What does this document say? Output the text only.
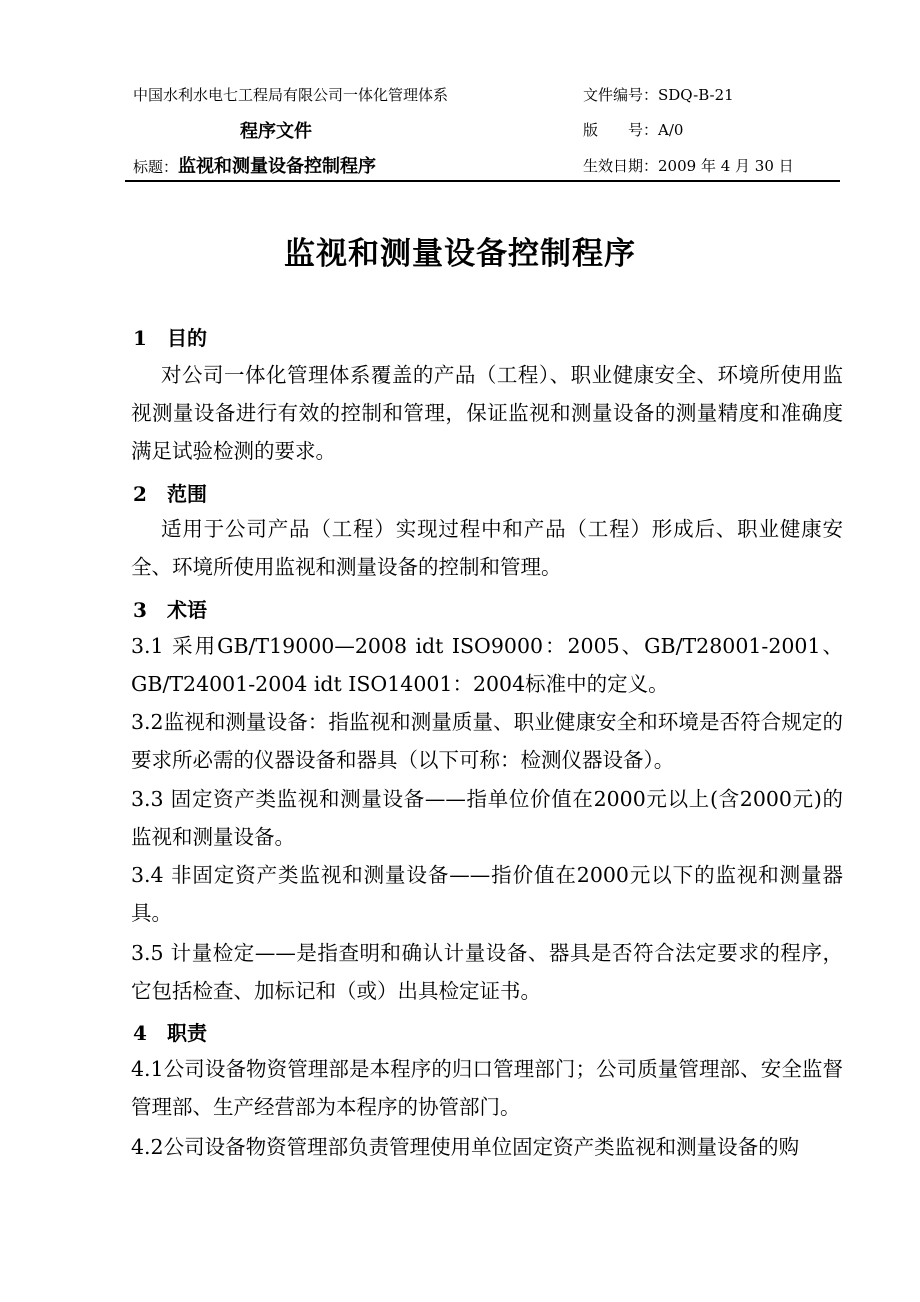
中国水利水电七工程局有限公司一体化管理体系	文件编号：SDQ-B-21
程序文件	版　　号：A/0
标题：监视和测量设备控制程序	生效日期：2009 年 4 月 30 日
监视和测量设备控制程序
1 目的
对公司一体化管理体系覆盖的产品（工程）、职业健康安全、环境所使用监视测量设备进行有效的控制和管理，保证监视和测量设备的测量精度和准确度满足试验检测的要求。
2 范围
适用于公司产品（工程）实现过程中和产品（工程）形成后、职业健康安全、环境所使用监视和测量设备的控制和管理。
3 术语
3.1 采用GB/T19000—2008 idt ISO9000：2005、GB/T28001-2001、GB/T24001-2004 idt ISO14001：2004标准中的定义。
3.2监视和测量设备：指监视和测量质量、职业健康安全和环境是否符合规定的要求所必需的仪器设备和器具（以下可称：检测仪器设备）。
3.3 固定资产类监视和测量设备——指单位价值在2000元以上(含2000元)的监视和测量设备。
3.4 非固定资产类监视和测量设备——指价值在2000元以下的监视和测量器具。
3.5 计量检定——是指查明和确认计量设备、器具是否符合法定要求的程序，它包括检查、加标记和（或）出具检定证书。
4 职责
4.1公司设备物资管理部是本程序的归口管理部门；公司质量管理部、安全监督管理部、生产经营部为本程序的协管部门。
4.2公司设备物资管理部负责管理使用单位固定资产类监视和测量设备的购
